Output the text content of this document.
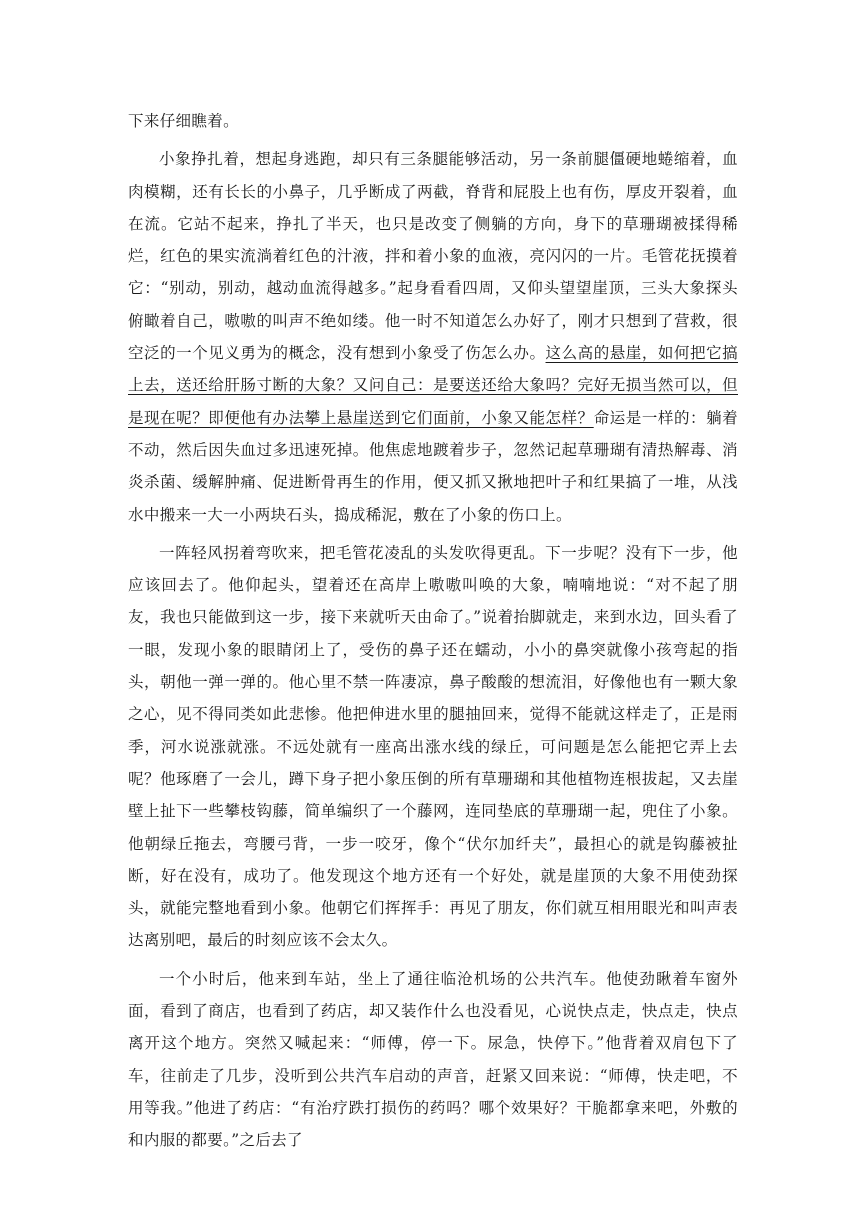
下来仔细瞧着。

小象挣扎着，想起身逃跑，却只有三条腿能够活动，另一条前腿僵硬地蜷缩着，血肉模糊，还有长长的小鼻子，几乎断成了两截，脊背和屁股上也有伤，厚皮开裂着，血在流。它站不起来，挣扎了半天，也只是改变了侧躺的方向，身下的草珊瑚被揉得稀烂，红色的果实流淌着红色的汁液，拌和着小象的血液，亮闪闪的一片。毛管花抚摸着它：“别动，别动，越动血流得越多。”起身看看四周，又仰头望望崖顶，三头大象探头俯瞰着自己，嗷嗷的叫声不绝如缕。他一时不知道怎么办好了，刚才只想到了营救，很空泛的一个见义勇为的概念，没有想到小象受了伤怎么办。这么高的悬崖，如何把它搞上去，送还给肝肠寸断的大象？又问自己：是要送还给大象吗？完好无损当然可以，但是现在呢？即便他有办法攀上悬崖送到它们面前，小象又能怎样？命运是一样的：躺着不动，然后因失血过多迅速死掉。他焦虑地踱着步子，忽然记起草珊瑚有清热解毒、消炎杀菌、缓解肿痛、促进断骨再生的作用，便又抓又揪地把叶子和红果搞了一堆，从浅水中搬来一大一小两块石头，捣成稀泥，敷在了小象的伤口上。

一阵轻风拐着弯吹来，把毛管花凌乱的头发吹得更乱。下一步呢？没有下一步，他应该回去了。他仰起头，望着还在高岸上嗷嗷叫唤的大象，喃喃地说：“对不起了朋友，我也只能做到这一步，接下来就听天由命了。”说着抬脚就走，来到水边，回头看了一眼，发现小象的眼睛闭上了，受伤的鼻子还在蠕动，小小的鼻突就像小孩弯起的指头，朝他一弹一弹的。他心里不禁一阵凄凉，鼻子酸酸的想流泪，好像他也有一颗大象之心，见不得同类如此悲惨。他把伸进水里的腿抽回来，觉得不能就这样走了，正是雨季，河水说涨就涨。不远处就有一座高出涨水线的绿丘，可问题是怎么能把它弄上去呢？他琢磨了一会儿，蹲下身子把小象压倒的所有草珊瑚和其他植物连根拔起，又去崖壁上扯下一些攀枝钩藤，简单编织了一个藤网，连同垫底的草珊瑚一起，兜住了小象。他朝绿丘拖去，弯腰弓背，一步一咬牙，像个“伏尔加纤夫”，最担心的就是钩藤被扯断，好在没有，成功了。他发现这个地方还有一个好处，就是崖顶的大象不用使劲探头，就能完整地看到小象。他朝它们挥挥手：再见了朋友，你们就互相用眼光和叫声表达离别吧，最后的时刻应该不会太久。

一个小时后，他来到车站，坐上了通往临沧机场的公共汽车。他使劲瞅着车窗外面，看到了商店，也看到了药店，却又装作什么也没看见，心说快点走，快点走，快点离开这个地方。突然又喊起来：“师傅，停一下。尿急，快停下。”他背着双肩包下了车，往前走了几步，没听到公共汽车启动的声音，赶紧又回来说：“师傅，快走吧，不用等我。”他进了药店：“有治疗跌打损伤的药吗？哪个效果好？干脆都拿来吧，外敷的和内服的都要。”之后去了
